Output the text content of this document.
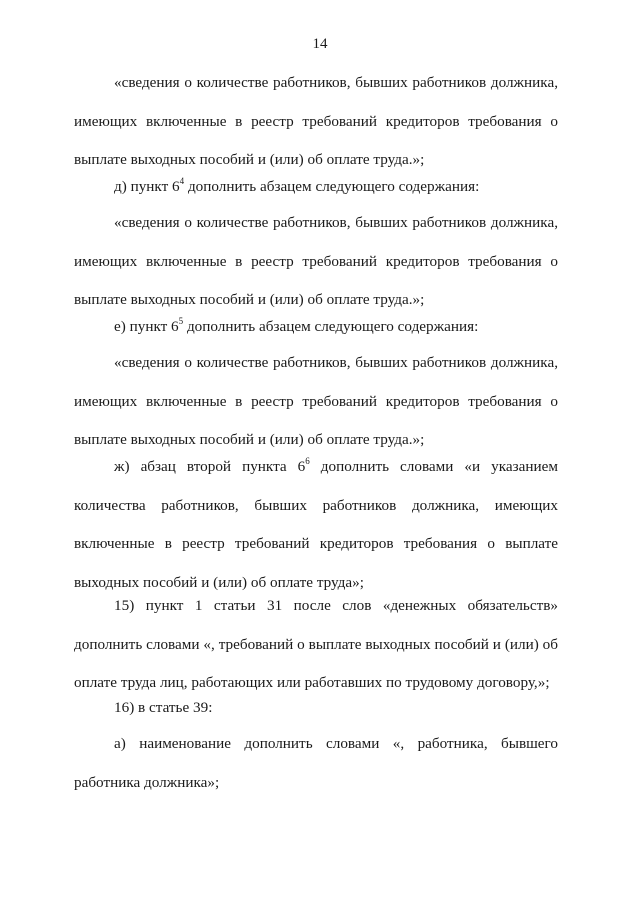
14

«сведения о количестве работников, бывших работников должника, имеющих включенные в реестр требований кредиторов требования о выплате выходных пособий и (или) об оплате труда.»;

д) пункт $6^4$ дополнить абзацем следующего содержания:

«сведения о количестве работников, бывших работников должника, имеющих включенные в реестр требований кредиторов требования о выплате выходных пособий и (или) об оплате труда.»;

е) пункт $6^5$ дополнить абзацем следующего содержания:

«сведения о количестве работников, бывших работников должника, имеющих включенные в реестр требований кредиторов требования о выплате выходных пособий и (или) об оплате труда.»;

ж) абзац второй пункта $6^6$ дополнить словами «и указанием количества работников, бывших работников должника, имеющих включенные в реестр требований кредиторов требования о выплате выходных пособий и (или) об оплате труда»;

15) пункт 1 статьи 31 после слов «денежных обязательств» дополнить словами «, требований о выплате выходных пособий и (или) об оплате труда лиц, работающих или работавших по трудовому договору,»;

16) в статье 39:

а) наименование дополнить словами «, работника, бывшего работника должника»;
